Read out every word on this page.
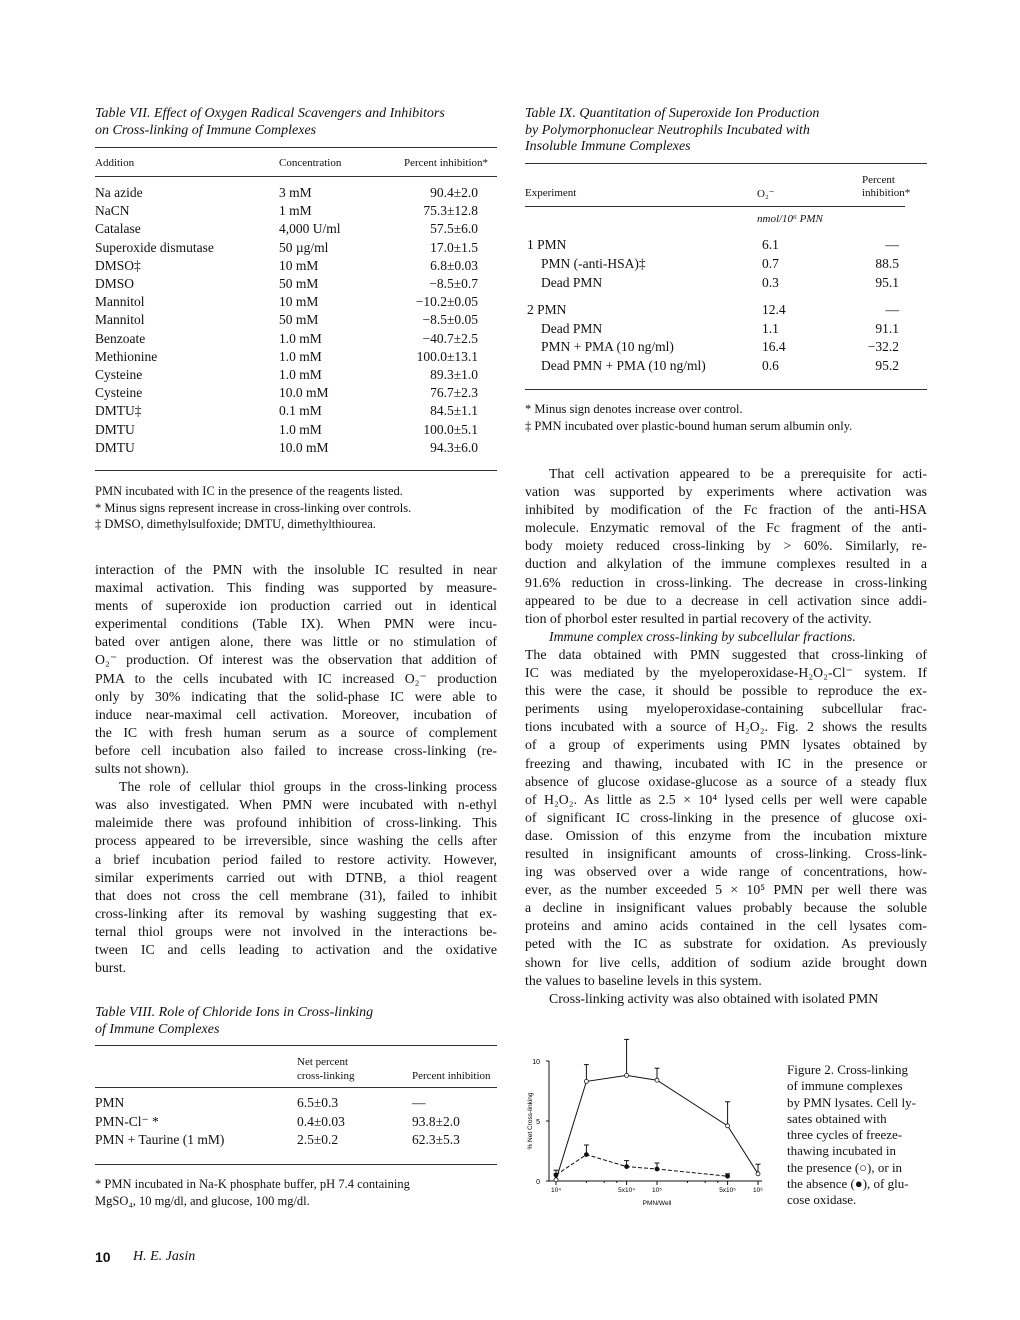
Table VII. Effect of Oxygen Radical Scavengers and Inhibitors
on Cross-linking of Immune Complexes
Addition	Concentration	Percent inhibition*
Na azide	3 mM	90.4±2.0
NaCN	1 mM	75.3±12.8
Catalase	4,000 U/ml	57.5±6.0
Superoxide dismutase	50 µg/ml	17.0±1.5
DMSO‡	10 mM	6.8±0.03
DMSO	50 mM	−8.5±0.7
Mannitol	10 mM	−10.2±0.05
Mannitol	50 mM	−8.5±0.05
Benzoate	1.0 mM	−40.7±2.5
Methionine	1.0 mM	100.0±13.1
Cysteine	1.0 mM	89.3±1.0
Cysteine	10.0 mM	76.7±2.3
DMTU‡	0.1 mM	84.5±1.1
DMTU	1.0 mM	100.0±5.1
DMTU	10.0 mM	94.3±6.0
PMN incubated with IC in the presence of the reagents listed.
* Minus signs represent increase in cross-linking over controls.
‡ DMSO, dimethylsulfoxide; DMTU, dimethylthiourea.
Table IX. Quantitation of Superoxide Ion Production
by Polymorphonuclear Neutrophils Incubated with
Insoluble Immune Complexes
Experiment	O₂⁻
Percent
inhibition*
nmol/10⁶ PMN
1 PMN	6.1	—
PMN (-anti-HSA)‡	0.7	88.5
Dead PMN	0.3	95.1
2 PMN	12.4	—
Dead PMN	1.1	91.1
PMN + PMA (10 ng/ml)	16.4	−32.2
Dead PMN + PMA (10 ng/ml)	0.6	95.2
* Minus sign denotes increase over control.
‡ PMN incubated over plastic-bound human serum albumin only.
interaction of the PMN with the insoluble IC resulted in near
maximal activation. This finding was supported by measure-
ments of superoxide ion production carried out in identical
experimental conditions (Table IX). When PMN were incu-
bated over antigen alone, there was little or no stimulation of
O₂⁻ production. Of interest was the observation that addition of
PMA to the cells incubated with IC increased O₂⁻ production
only by 30% indicating that the solid-phase IC were able to
induce near-maximal cell activation. Moreover, incubation of
the IC with fresh human serum as a source of complement
before cell incubation also failed to increase cross-linking (re-
sults not shown).
The role of cellular thiol groups in the cross-linking process
was also investigated. When PMN were incubated with n-ethyl
maleimide there was profound inhibition of cross-linking. This
process appeared to be irreversible, since washing the cells after
a brief incubation period failed to restore activity. However,
similar experiments carried out with DTNB, a thiol reagent
that does not cross the cell membrane (31), failed to inhibit
cross-linking after its removal by washing suggesting that ex-
ternal thiol groups were not involved in the interactions be-
tween IC and cells leading to activation and the oxidative
burst.
That cell activation appeared to be a prerequisite for acti-
vation was supported by experiments where activation was
inhibited by modification of the Fc fraction of the anti-HSA
molecule. Enzymatic removal of the Fc fragment of the anti-
body moiety reduced cross-linking by > 60%. Similarly, re-
duction and alkylation of the immune complexes resulted in a
91.6% reduction in cross-linking. The decrease in cross-linking
appeared to be due to a decrease in cell activation since addi-
tion of phorbol ester resulted in partial recovery of the activity.
Immune complex cross-linking by subcellular fractions.
The data obtained with PMN suggested that cross-linking of
IC was mediated by the myeloperoxidase-H₂O₂-Cl⁻ system. If
this were the case, it should be possible to reproduce the ex-
periments using myeloperoxidase-containing subcellular frac-
tions incubated with a source of H₂O₂. Fig. 2 shows the results
of a group of experiments using PMN lysates obtained by
freezing and thawing, incubated with IC in the presence or
absence of glucose oxidase-glucose as a source of a steady flux
of H₂O₂. As little as 2.5 × 10⁴ lysed cells per well were capable
of significant IC cross-linking in the presence of glucose oxi-
dase. Omission of this enzyme from the incubation mixture
resulted in insignificant amounts of cross-linking. Cross-link-
ing was observed over a wide range of concentrations, how-
ever, as the number exceeded 5 × 10⁵ PMN per well there was
a decline in insignificant values probably because the soluble
proteins and amino acids contained in the cell lysates com-
peted with the IC as substrate for oxidation. As previously
shown for live cells, addition of sodium azide brought down
the values to baseline levels in this system.
Cross-linking activity was also obtained with isolated PMN
Table VIII. Role of Chloride Ions in Cross-linking
of Immune Complexes
Net percent
cross-linking	Percent inhibition
PMN	6.5±0.3	—
PMN-Cl⁻ *	0.4±0.03	93.8±2.0
PMN + Taurine (1 mM)	2.5±0.2	62.3±5.3
* PMN incubated in Na-K phosphate buffer, pH 7.4 containing
MgSO₄, 10 mg/dl, and glucose, 100 mg/dl.
0
5
10
10⁴	5x10⁴	10⁵	5x10⁵	10⁶
PMN/Well
% Net Cross-linking
Figure 2. Cross-linking
of immune complexes
by PMN lysates. Cell ly-
sates obtained with
three cycles of freeze-
thawing incubated in
the presence (○), or in
the absence (●), of glu-
cose oxidase.
10 H. E. Jasin
